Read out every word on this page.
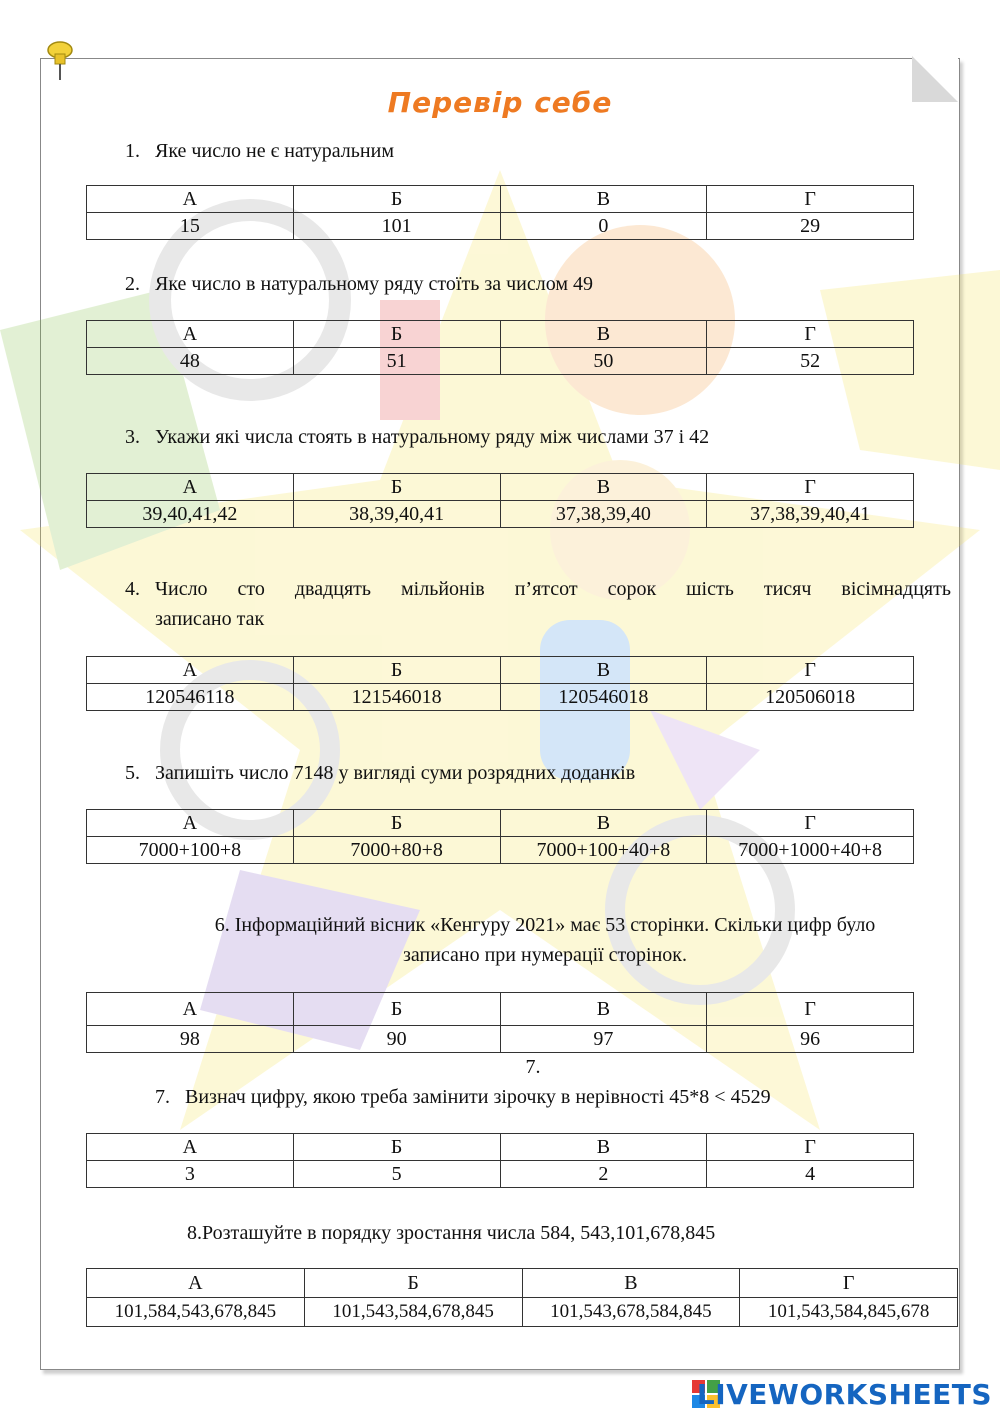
Перевір себе
1. Яке число не є натуральним
А	Б	В	Г
15	101	0	29
2. Яке число в натуральному ряду стоїть за числом 49
А	Б	В	Г
48	51	50	52
3. Укажи які числа стоять в натуральному ряду між числами 37 і 42
А	Б	В	Г
39,40,41,42	38,39,40,41	37,38,39,40	37,38,39,40,41
4. Число сто двадцять мільйонів п’ятсот сорок шість тисяч вісімнадцять
записано так
А	Б	В	Г
120546118	121546018	120546018	120506018
5. Запишіть число 7148 у вигляді суми розрядних доданків
А	Б	В	Г
7000+100+8	7000+80+8	7000+100+40+8	7000+1000+40+8
6. Інформаційний вісник «Кенгуру 2021» має 53 сторінки. Скільки цифр було
записано при нумерації сторінок.
А	Б	В	Г
98	90	97	96
7.
7. Визнач цифру, якою треба замінити зірочку в нерівності 45*8 < 4529
А	Б	В	Г
3	5	2	4
8.Розташуйте в порядку зростання числа 584, 543,101,678,845
А	Б	В	Г
101,584,543,678,845	101,543,584,678,845	101,543,678,584,845	101,543,584,845,678
LIVEWORKSHEETS
